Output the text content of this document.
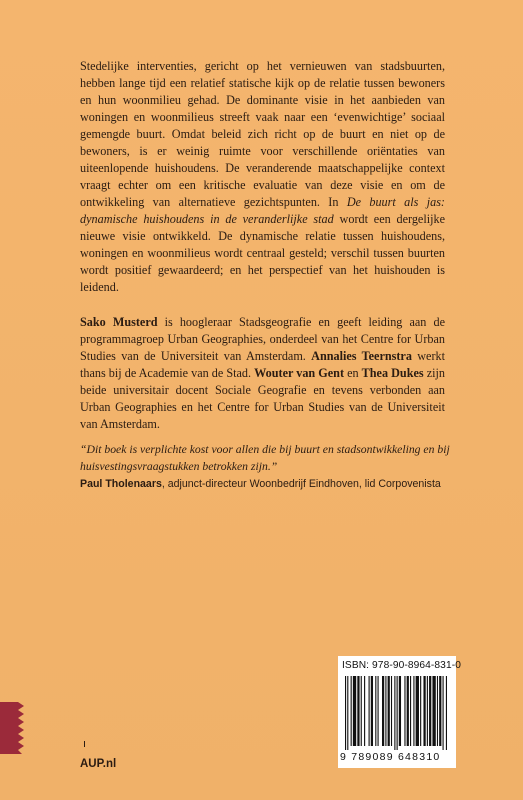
Stedelijke interventies, gericht op het vernieuwen van stadsbuurten, hebben lange tijd een relatief statische kijk op de relatie tussen bewoners en hun woonmilieu gehad. De dominante visie in het aanbieden van woningen en woonmilieus streeft vaak naar een ‘evenwichtige’ sociaal gemengde buurt. Omdat beleid zich richt op de buurt en niet op de bewoners, is er weinig ruimte voor verschillende oriëntaties van uiteenlopende huishoudens. De veranderende maatschappelijke context vraagt echter om een kritische evaluatie van deze visie en om de ontwikkeling van alternatieve gezichtspunten. In De buurt als jas: dynamische huishoudens in de veranderlijke stad wordt een dergelijke nieuwe visie ontwikkeld. De dynamische relatie tussen huishoudens, woningen en woonmilieus wordt centraal gesteld; verschil tussen buurten wordt positief gewaardeerd; en het perspectief van het huishouden is leidend.

Sako Musterd is hoogleraar Stadsgeografie en geeft leiding aan de programmagroep Urban Geographies, onderdeel van het Centre for Urban Studies van de Universiteit van Amsterdam. Annalies Teernstra werkt thans bij de Academie van de Stad. Wouter van Gent en Thea Dukes zijn beide universitair docent Sociale Geografie en tevens verbonden aan Urban Geographies en het Centre for Urban Studies van de Universiteit van Amsterdam.

“Dit boek is verplichte kost voor allen die bij buurt en stadsontwikkeling en bij huisvestingsvraagstukken betrokken zijn.”

Paul Tholenaars, adjunct-directeur Woonbedrijf Eindhoven, lid Corpovenista

AUP.nl
ISBN: 978-90-8964-831-0
9 789089 648310
